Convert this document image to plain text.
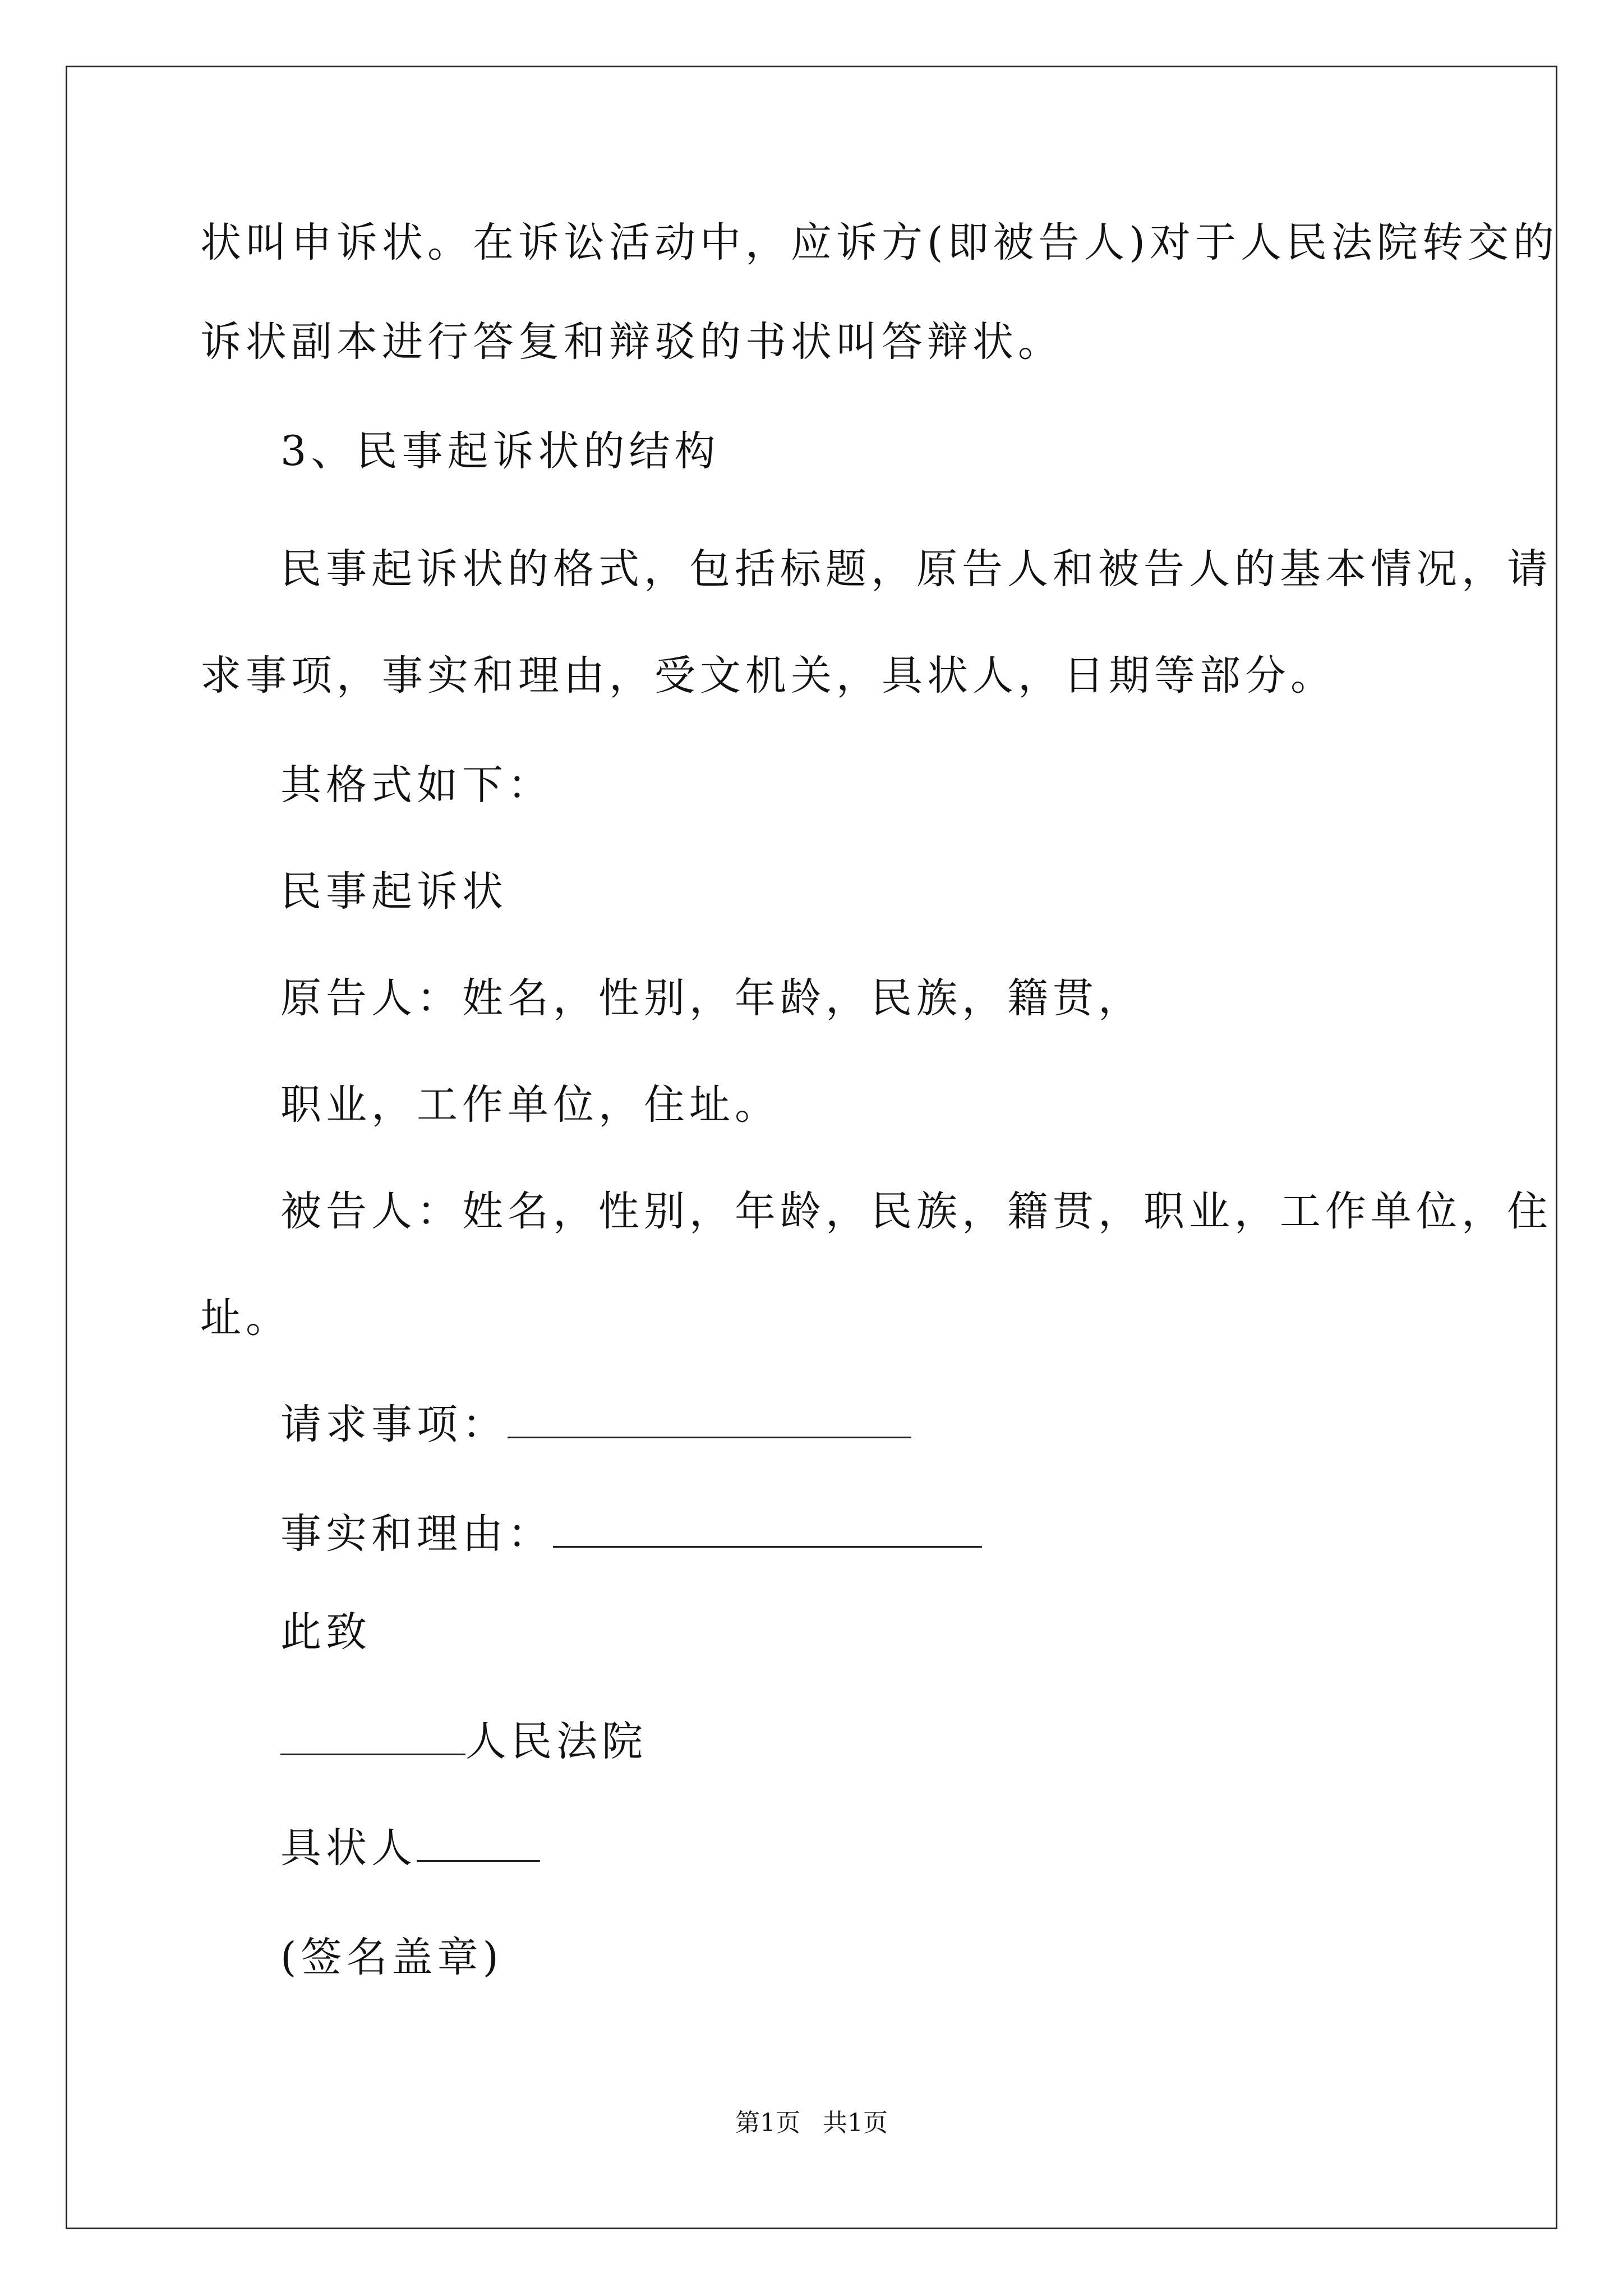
状叫申诉状。在诉讼活动中，应诉方(即被告人)对于人民法院转交的
诉状副本进行答复和辩驳的书状叫答辩状。
3、民事起诉状的结构
民事起诉状的格式，包括标题，原告人和被告人的基本情况，请
求事项，事实和理由，受文机关，具状人，日期等部分。
其格式如下：
民事起诉状
原告人：姓名，性别，年龄，民族，籍贯，
职业，工作单位，住址。
被告人：姓名，性别，年龄，民族，籍贯，职业，工作单位，住
址。
请求事项：
事实和理由：
此致
人民法院
具状人
(签名盖章)
第1页 共1页
